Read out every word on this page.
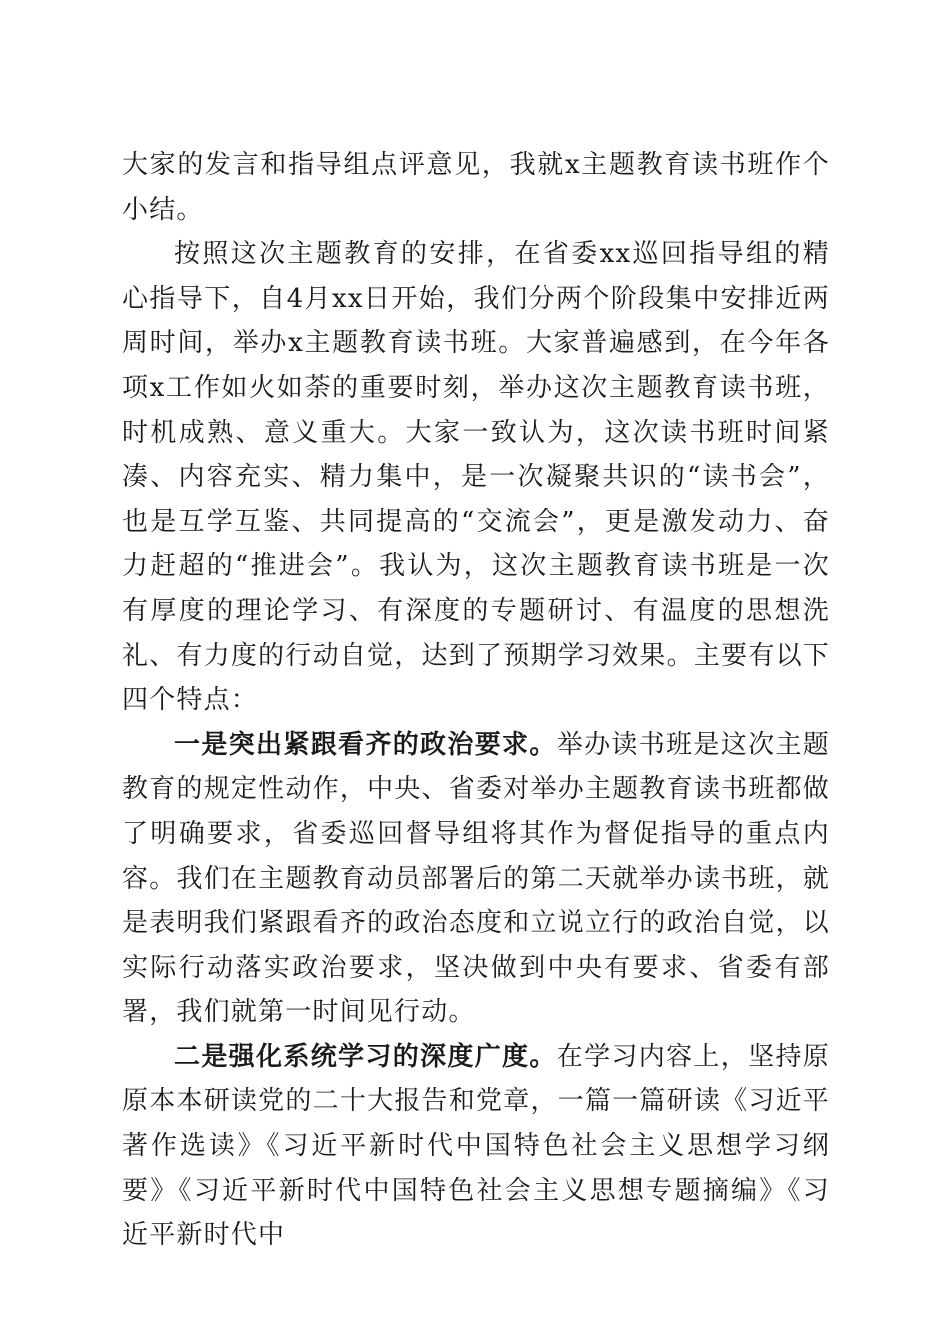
大家的发言和指导组点评意见，我就x主题教育读书班作个小结。

按照这次主题教育的安排，在省委xx巡回指导组的精心指导下，自4月xx日开始，我们分两个阶段集中安排近两周时间，举办x主题教育读书班。大家普遍感到，在今年各项x工作如火如荼的重要时刻，举办这次主题教育读书班，时机成熟、意义重大。大家一致认为，这次读书班时间紧凑、内容充实、精力集中，是一次凝聚共识的“读书会”，也是互学互鉴、共同提高的“交流会”，更是激发动力、奋力赶超的“推进会”。我认为，这次主题教育读书班是一次有厚度的理论学习、有深度的专题研讨、有温度的思想洗礼、有力度的行动自觉，达到了预期学习效果。主要有以下四个特点：

一是突出紧跟看齐的政治要求。举办读书班是这次主题教育的规定性动作，中央、省委对举办主题教育读书班都做了明确要求，省委巡回督导组将其作为督促指导的重点内容。我们在主题教育动员部署后的第二天就举办读书班，就是表明我们紧跟看齐的政治态度和立说立行的政治自觉，以实际行动落实政治要求，坚决做到中央有要求、省委有部署，我们就第一时间见行动。

二是强化系统学习的深度广度。在学习内容上，坚持原原本本研读党的二十大报告和党章，一篇一篇研读《习近平著作选读》《习近平新时代中国特色社会主义思想学习纲要》《习近平新时代中国特色社会主义思想专题摘编》《习近平新时代中
